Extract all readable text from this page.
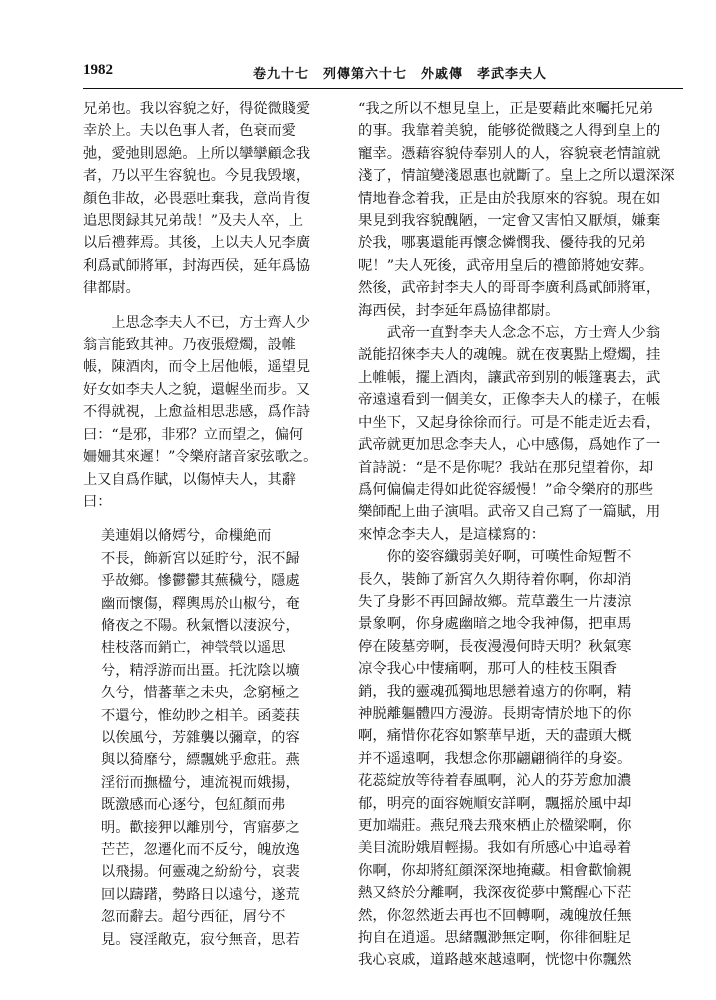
1982	卷九十七　列傳第六十七　外戚傳　孝武李夫人

兄弟也。我以容貌之好，得從微賤愛
幸於上。夫以色事人者，色衰而愛
弛，愛弛則恩絶。上所以攣攣顧念我
者，乃以平生容貌也。今見我毁壞，
顏色非故，必畏惡吐棄我，意尚肯復
追思閔録其兄弟哉！”及夫人卒，上
以后禮葬焉。其後，上以夫人兄李廣
利爲貳師將軍，封海西侯，延年爲協
律都尉。

　　上思念李夫人不已，方士齊人少
翁言能致其神。乃夜張燈燭，設帷
帳，陳酒肉，而令上居他帳，遥望見
好女如李夫人之貌，還幄坐而步。又
不得就視，上愈益相思悲感，爲作詩
曰：“是邪，非邪？立而望之，偏何
姍姍其來遲！”令樂府諸音家弦歌之。
上又自爲作賦，以傷悼夫人，其辭
曰：

美連娟以脩嫮兮，命樔絶而
不長，飾新宮以延貯兮，泯不歸
乎故鄉。慘鬱鬱其蕪穢兮，隱處
幽而懷傷，釋輿馬於山椒兮，奄
脩夜之不陽。秋氣憯以淒淚兮，
桂枝落而銷亡，神煢煢以遥思
兮，精浮游而出畺。托沈陰以壙
久兮，惜蕃華之未央，念窮極之
不還兮，惟幼眇之相羊。函菱荴
以俟風兮，芳雜襲以彌章，的容
與以猗靡兮，縹飄姚乎愈莊。燕
淫衍而撫楹兮，連流視而娥揚，
既激感而心逐兮，包紅顏而弗
明。歡接狎以離別兮，宵寤夢之
芒芒，忽遷化而不反兮，魄放逸
以飛揚。何靈魂之紛紛兮，哀裴
回以躊躇，勢路日以遠兮，遂荒
忽而辭去。超兮西征，屑兮不
見。寖淫敞克，寂兮無音，思若

“我之所以不想見皇上，正是要藉此來囑托兄弟
的事。我靠着美貌，能够從微賤之人得到皇上的
寵幸。憑藉容貌侍奉别人的人，容貌衰老情誼就
淺了，情誼變淺恩惠也就斷了。皇上之所以還深深
情地眷念着我，正是由於我原來的容貌。現在如
果見到我容貌醜陋，一定會又害怕又厭煩，嫌棄
於我，哪裏還能再懷念憐憫我、優待我的兄弟
呢！”夫人死後，武帝用皇后的禮節將她安葬。
然後，武帝封李夫人的哥哥李廣利爲貳師將軍，
海西侯，封李延年爲協律都尉。

　　武帝一直對李夫人念念不忘，方士齊人少翁
説能招徠李夫人的魂魄。就在夜裏點上燈燭，挂
上帷帳，擺上酒肉，讓武帝到别的帳篷裏去，武
帝遠遠看到一個美女，正像李夫人的樣子，在帳
中坐下，又起身徐徐而行。可是不能走近去看，
武帝就更加思念李夫人，心中感傷，爲她作了一
首詩説：“是不是你呢？我站在那兒望着你，却
爲何偏偏走得如此從容緩慢！”命令樂府的那些
樂師配上曲子演唱。武帝又自己寫了一篇賦，用
來悼念李夫人，是這樣寫的：

　　你的姿容纖弱美好啊，可嘆性命短暫不
長久，裝飾了新宮久久期待着你啊，你却消
失了身影不再回歸故鄉。荒草叢生一片淒涼
景象啊，你身處幽暗之地令我神傷，把車馬
停在陵墓旁啊，長夜漫漫何時天明？秋氣寒
凉令我心中悽痛啊，那可人的桂枝玉隕香
銷，我的靈魂孤獨地思戀着遠方的你啊，精
神脱離軀體四方漫游。長期寄情於地下的你
啊，痛惜你花容如繁華早逝，天的盡頭大概
并不遥遠啊，我想念你那翩翩徜徉的身姿。
花蕊綻放等待着春風啊，沁人的芬芳愈加濃
郁，明亮的面容婉順安詳啊，飄摇於風中却
更加端莊。燕兒飛去飛來栖止於楹梁啊，你
美目流盼娥眉輕揚。我如有所感心中追尋着
你啊，你却將紅顔深深地掩藏。相會歡愉親
熱又終於分離啊，我深夜從夢中驚醒心下茫
然，你忽然逝去再也不回轉啊，魂魄放任無
拘自在逍遥。思緒飄渺無定啊，你徘徊駐足
我心哀戚，道路越來越遠啊，恍惚中你飄然
